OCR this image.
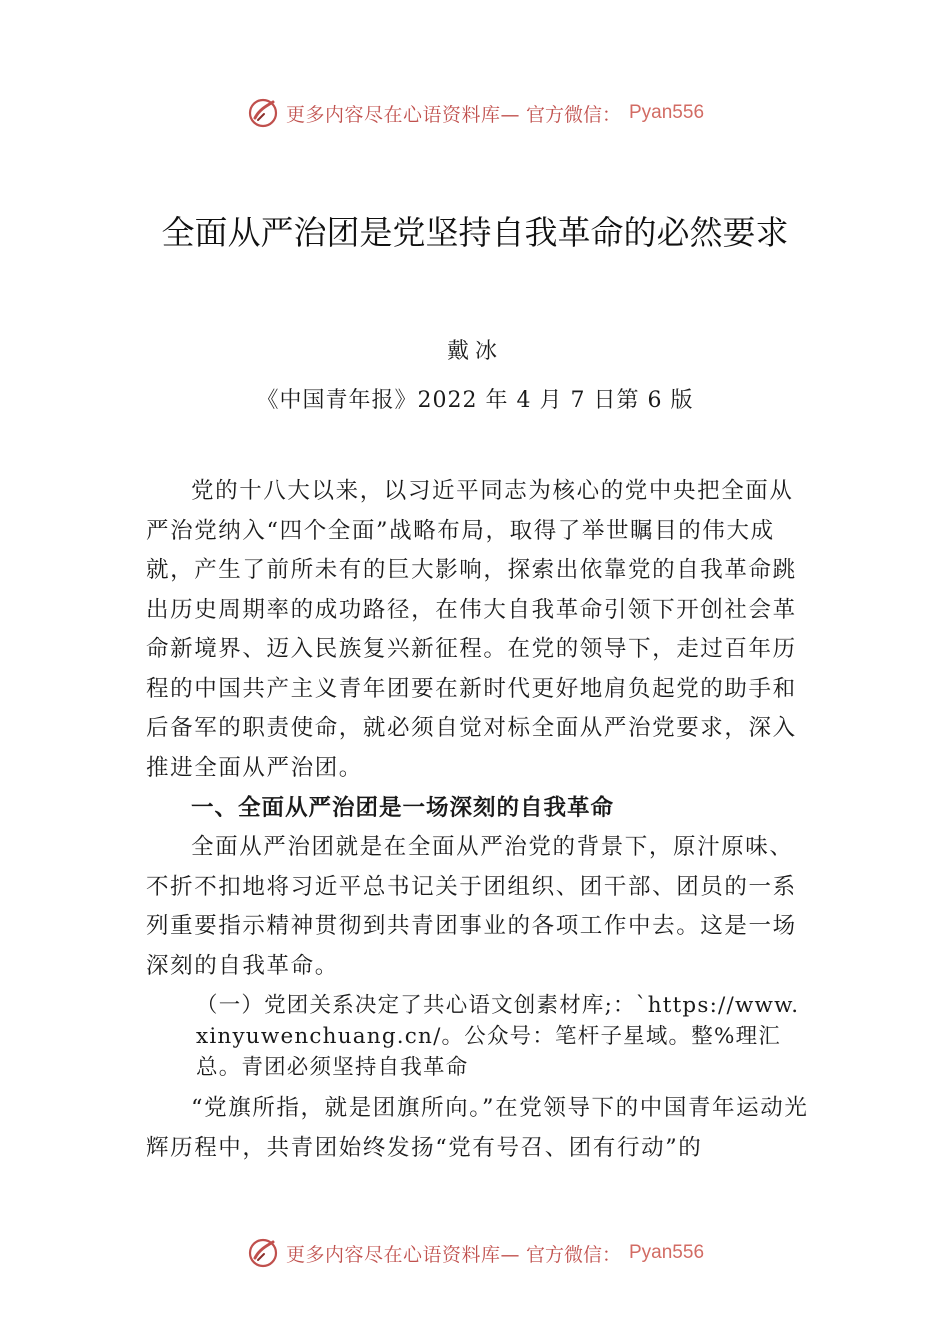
更多内容尽在心语资料库— 官方微信： Pyan556
全面从严治团是党坚持自我革命的必然要求
戴冰
《中国青年报》2022 年 4 月 7 日第 6 版

党的十八大以来，以习近平同志为核心的党中央把全面从严治党纳入“四个全面”战略布局，取得了举世瞩目的伟大成就，产生了前所未有的巨大影响，探索出依靠党的自我革命跳出历史周期率的成功路径，在伟大自我革命引领下开创社会革命新境界、迈入民族复兴新征程。在党的领导下，走过百年历程的中国共产主义青年团要在新时代更好地肩负起党的助手和后备军的职责使命，就必须自觉对标全面从严治党要求，深入推进全面从严治团。

一、全面从严治团是一场深刻的自我革命

全面从严治团就是在全面从严治党的背景下，原汁原味、不折不扣地将习近平总书记关于团组织、团干部、团员的一系列重要指示精神贯彻到共青团事业的各项工作中去。这是一场深刻的自我革命。

（一）党团关系决定了共心语文创素材库;：`https://www.xinyuwenchuang.cn/。公众号：笔杆子星域。整%理汇总。青团必须坚持自我革命

“党旗所指，就是团旗所向。”在党领导下的中国青年运动光辉历程中，共青团始终发扬“党有号召、团有行动”的

更多内容尽在心语资料库— 官方微信： Pyan556
